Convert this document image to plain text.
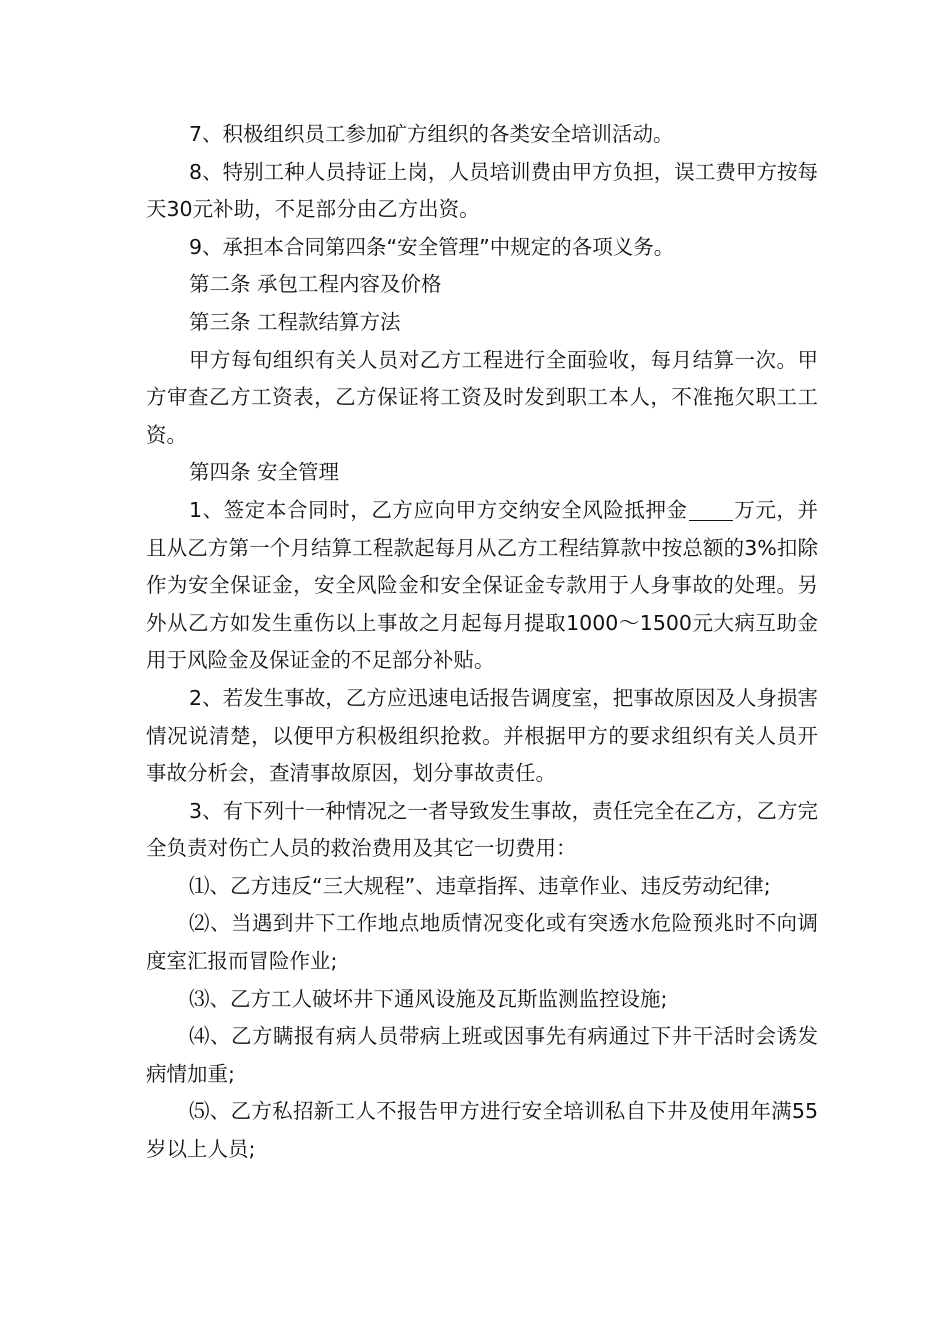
7、积极组织员工参加矿方组织的各类安全培训活动。

8、特别工种人员持证上岗，人员培训费由甲方负担，误工费甲方按每天30元补助，不足部分由乙方出资。

9、承担本合同第四条“安全管理”中规定的各项义务。

第二条 承包工程内容及价格

第三条 工程款结算方法

甲方每旬组织有关人员对乙方工程进行全面验收，每月结算一次。甲方审查乙方工资表，乙方保证将工资及时发到职工本人，不准拖欠职工工资。

第四条 安全管理

1、签定本合同时，乙方应向甲方交纳安全风险抵押金 万元，并且从乙方第一个月结算工程款起每月从乙方工程结算款中按总额的3%扣除作为安全保证金，安全风险金和安全保证金专款用于人身事故的处理。另外从乙方如发生重伤以上事故之月起每月提取1000～1500元大病互助金用于风险金及保证金的不足部分补贴。

2、若发生事故，乙方应迅速电话报告调度室，把事故原因及人身损害情况说清楚，以便甲方积极组织抢救。并根据甲方的要求组织有关人员开事故分析会，查清事故原因，划分事故责任。

3、有下列十一种情况之一者导致发生事故，责任完全在乙方，乙方完全负责对伤亡人员的救治费用及其它一切费用：

⑴、乙方违反“三大规程”、违章指挥、违章作业、违反劳动纪律;

⑵、当遇到井下工作地点地质情况变化或有突透水危险预兆时不向调度室汇报而冒险作业;

⑶、乙方工人破坏井下通风设施及瓦斯监测监控设施;

⑷、乙方瞒报有病人员带病上班或因事先有病通过下井干活时会诱发病情加重;

⑸、乙方私招新工人不报告甲方进行安全培训私自下井及使用年满55岁以上人员;
